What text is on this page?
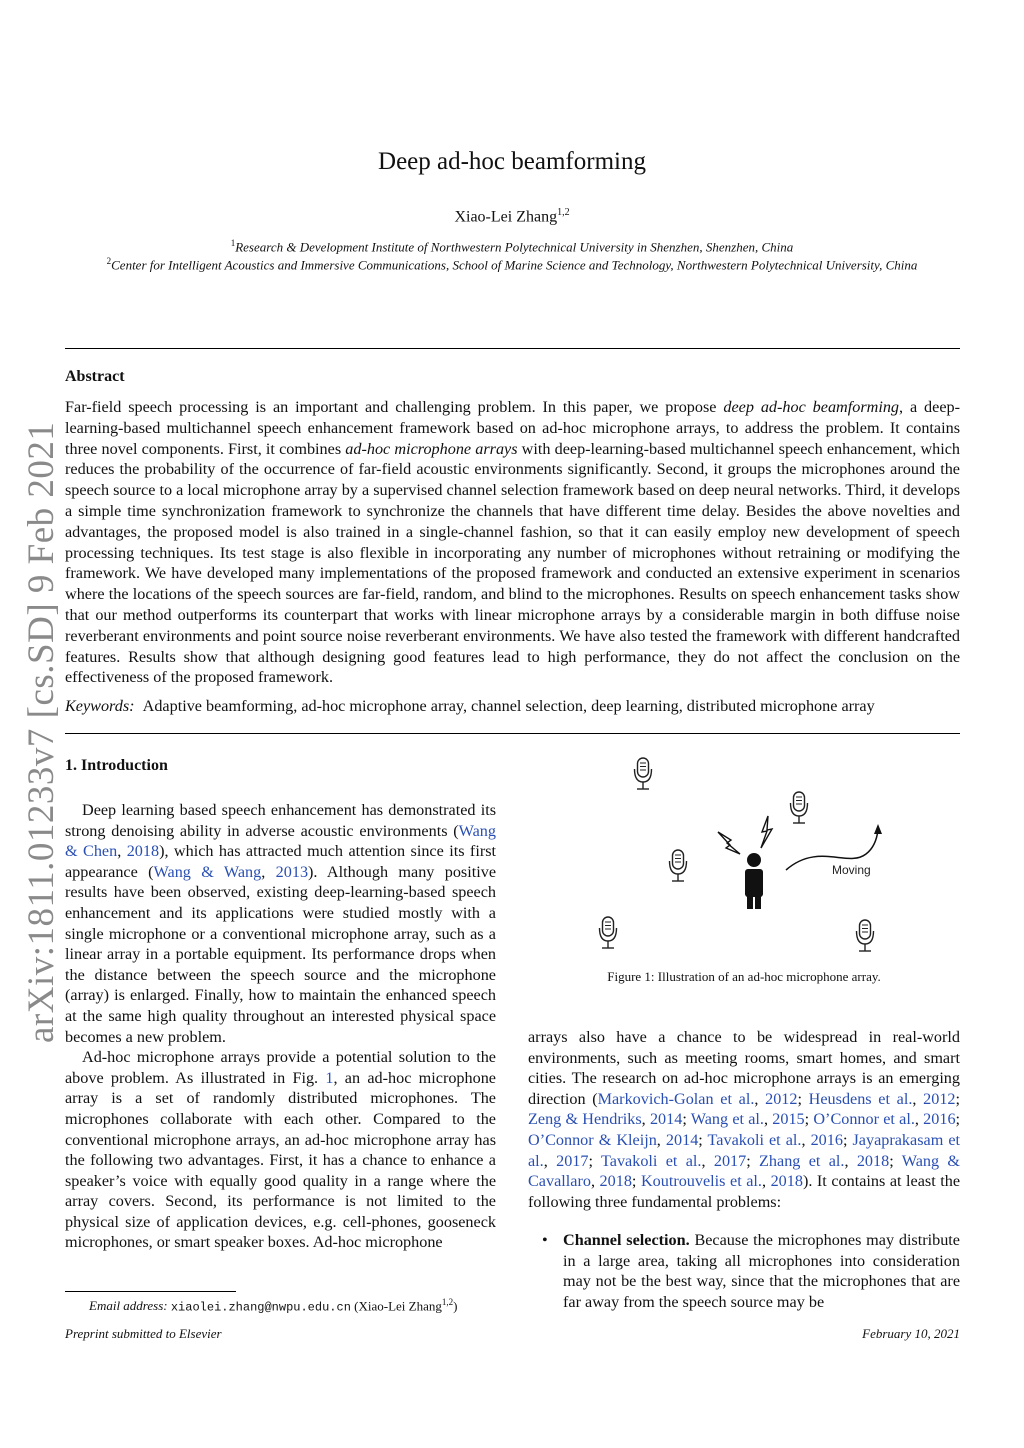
Deep ad-hoc beamforming
Xiao-Lei Zhang$^{1,2}$
$^1$Research & Development Institute of Northwestern Polytechnical University in Shenzhen, Shenzhen, China
$^2$Center for Intelligent Acoustics and Immersive Communications, School of Marine Science and Technology, Northwestern Polytechnical University, China
arXiv:1811.01233v7 [cs.SD] 9 Feb 2021
Abstract
Far-field speech processing is an important and challenging problem. In this paper, we propose deep ad-hoc beamforming, a deep-learning-based multichannel speech enhancement framework based on ad-hoc microphone arrays, to address the problem. It contains three novel components. First, it combines ad-hoc microphone arrays with deep-learning-based multichannel speech enhancement, which reduces the probability of the occurrence of far-field acoustic environments significantly. Second, it groups the microphones around the speech source to a local microphone array by a supervised channel selection framework based on deep neural networks. Third, it develops a simple time synchronization framework to synchronize the channels that have different time delay. Besides the above novelties and advantages, the proposed model is also trained in a single-channel fashion, so that it can easily employ new development of speech processing techniques. Its test stage is also flexible in incorporating any number of microphones without retraining or modifying the framework. We have developed many implementations of the proposed framework and conducted an extensive experiment in scenarios where the locations of the speech sources are far-field, random, and blind to the microphones. Results on speech enhancement tasks show that our method outperforms its counterpart that works with linear microphone arrays by a considerable margin in both diffuse noise reverberant environments and point source noise reverberant environments. We have also tested the framework with different handcrafted features. Results show that although designing good features lead to high performance, they do not affect the conclusion on the effectiveness of the proposed framework.
Keywords: Adaptive beamforming, ad-hoc microphone array, channel selection, deep learning, distributed microphone array
1. Introduction

Deep learning based speech enhancement has demonstrated its strong denoising ability in adverse acoustic environments (Wang & Chen, 2018), which has attracted much attention since its first appearance (Wang & Wang, 2013). Although many positive results have been observed, existing deep-learning-based speech enhancement and its applications were studied mostly with a single microphone or a conventional microphone array, such as a linear array in a portable equipment. Its performance drops when the distance between the speech source and the microphone (array) is enlarged. Finally, how to maintain the enhanced speech at the same high quality throughout an interested physical space becomes a new problem.

Ad-hoc microphone arrays provide a potential solution to the above problem. As illustrated in Fig. 1, an ad-hoc microphone array is a set of randomly distributed microphones. The microphones collaborate with each other. Compared to the conventional microphone arrays, an ad-hoc microphone array has the following two advantages. First, it has a chance to enhance a speaker’s voice with equally good quality in a range where the array covers. Second, its performance is not limited to the physical size of application devices, e.g. cell-phones, gooseneck microphones, or smart speaker boxes. Ad-hoc microphone

Moving
Figure 1: Illustration of an ad-hoc microphone array.

arrays also have a chance to be widespread in real-world environments, such as meeting rooms, smart homes, and smart cities. The research on ad-hoc microphone arrays is an emerging direction (Markovich-Golan et al., 2012; Heusdens et al., 2012; Zeng & Hendriks, 2014; Wang et al., 2015; O’Connor et al., 2016; O’Connor & Kleijn, 2014; Tavakoli et al., 2016; Jayaprakasam et al., 2017; Tavakoli et al., 2017; Zhang et al., 2018; Wang & Cavallaro, 2018; Koutrouvelis et al., 2018). It contains at least the following three fundamental problems:

• Channel selection. Because the microphones may distribute in a large area, taking all microphones into consideration may not be the best way, since that the microphones that are far away from the speech source may be
Email address: xiaolei.zhang@nwpu.edu.cn (Xiao-Lei Zhang$^{1,2}$)
Preprint submitted to Elsevier	February 10, 2021
